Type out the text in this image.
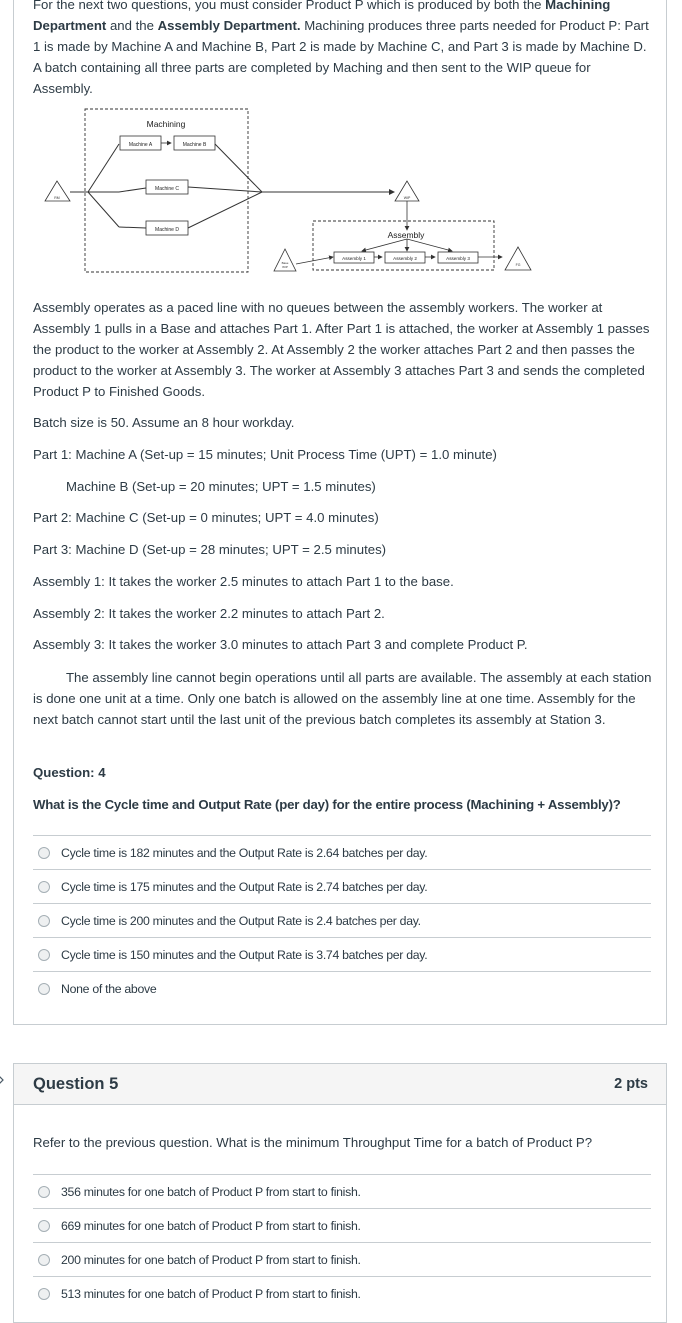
For the next two questions, you must consider Product P which is produced by both the Machining Department and the Assembly Department. Machining produces three parts needed for Product P: Part 1 is made by Machine A and Machine B, Part 2 is made by Machine C, and Part 3 is made by Machine D. A batch containing all three parts are completed by Maching and then sent to the WIP queue for Assembly.

Machining
RM
Machine A	Machine B
Machine C
Machine D
WIP
Assembly
Assembly 1	Assembly 2	Assembly 3
Base
WIP	FG
Assembly operates as a paced line with no queues between the assembly workers. The worker at Assembly 1 pulls in a Base and attaches Part 1. After Part 1 is attached, the worker at Assembly 1 passes the product to the worker at Assembly 2. At Assembly 2 the worker attaches Part 2 and then passes the product to the worker at Assembly 3. The worker at Assembly 3 attaches Part 3 and sends the completed Product P to Finished Goods.
Batch size is 50. Assume an 8 hour workday.
Part 1: Machine A (Set-up = 15 minutes; Unit Process Time (UPT) = 1.0 minute)
Machine B (Set-up = 20 minutes; UPT = 1.5 minutes)
Part 2: Machine C (Set-up = 0 minutes; UPT = 4.0 minutes)
Part 3: Machine D (Set-up = 28 minutes; UPT = 2.5 minutes)
Assembly 1: It takes the worker 2.5 minutes to attach Part 1 to the base.
Assembly 2: It takes the worker 2.2 minutes to attach Part 2.
Assembly 3: It takes the worker 3.0 minutes to attach Part 3 and complete Product P.
The assembly line cannot begin operations until all parts are available. The assembly at each station is done one unit at a time. Only one batch is allowed on the assembly line at one time. Assembly for the next batch cannot start until the last unit of the previous batch completes its assembly at Station 3.
Question: 4
What is the Cycle time and Output Rate (per day) for the entire process (Machining + Assembly)?
Cycle time is 182 minutes and the Output Rate is 2.64 batches per day.
Cycle time is 175 minutes and the Output Rate is 2.74 batches per day.
Cycle time is 200 minutes and the Output Rate is 2.4 batches per day.
Cycle time is 150 minutes and the Output Rate is 3.74 batches per day.
None of the above
Question 5	2 pts
Refer to the previous question. What is the minimum Throughput Time for a batch of Product P?
356 minutes for one batch of Product P from start to finish.
669 minutes for one batch of Product P from start to finish.
200 minutes for one batch of Product P from start to finish.
513 minutes for one batch of Product P from start to finish.
